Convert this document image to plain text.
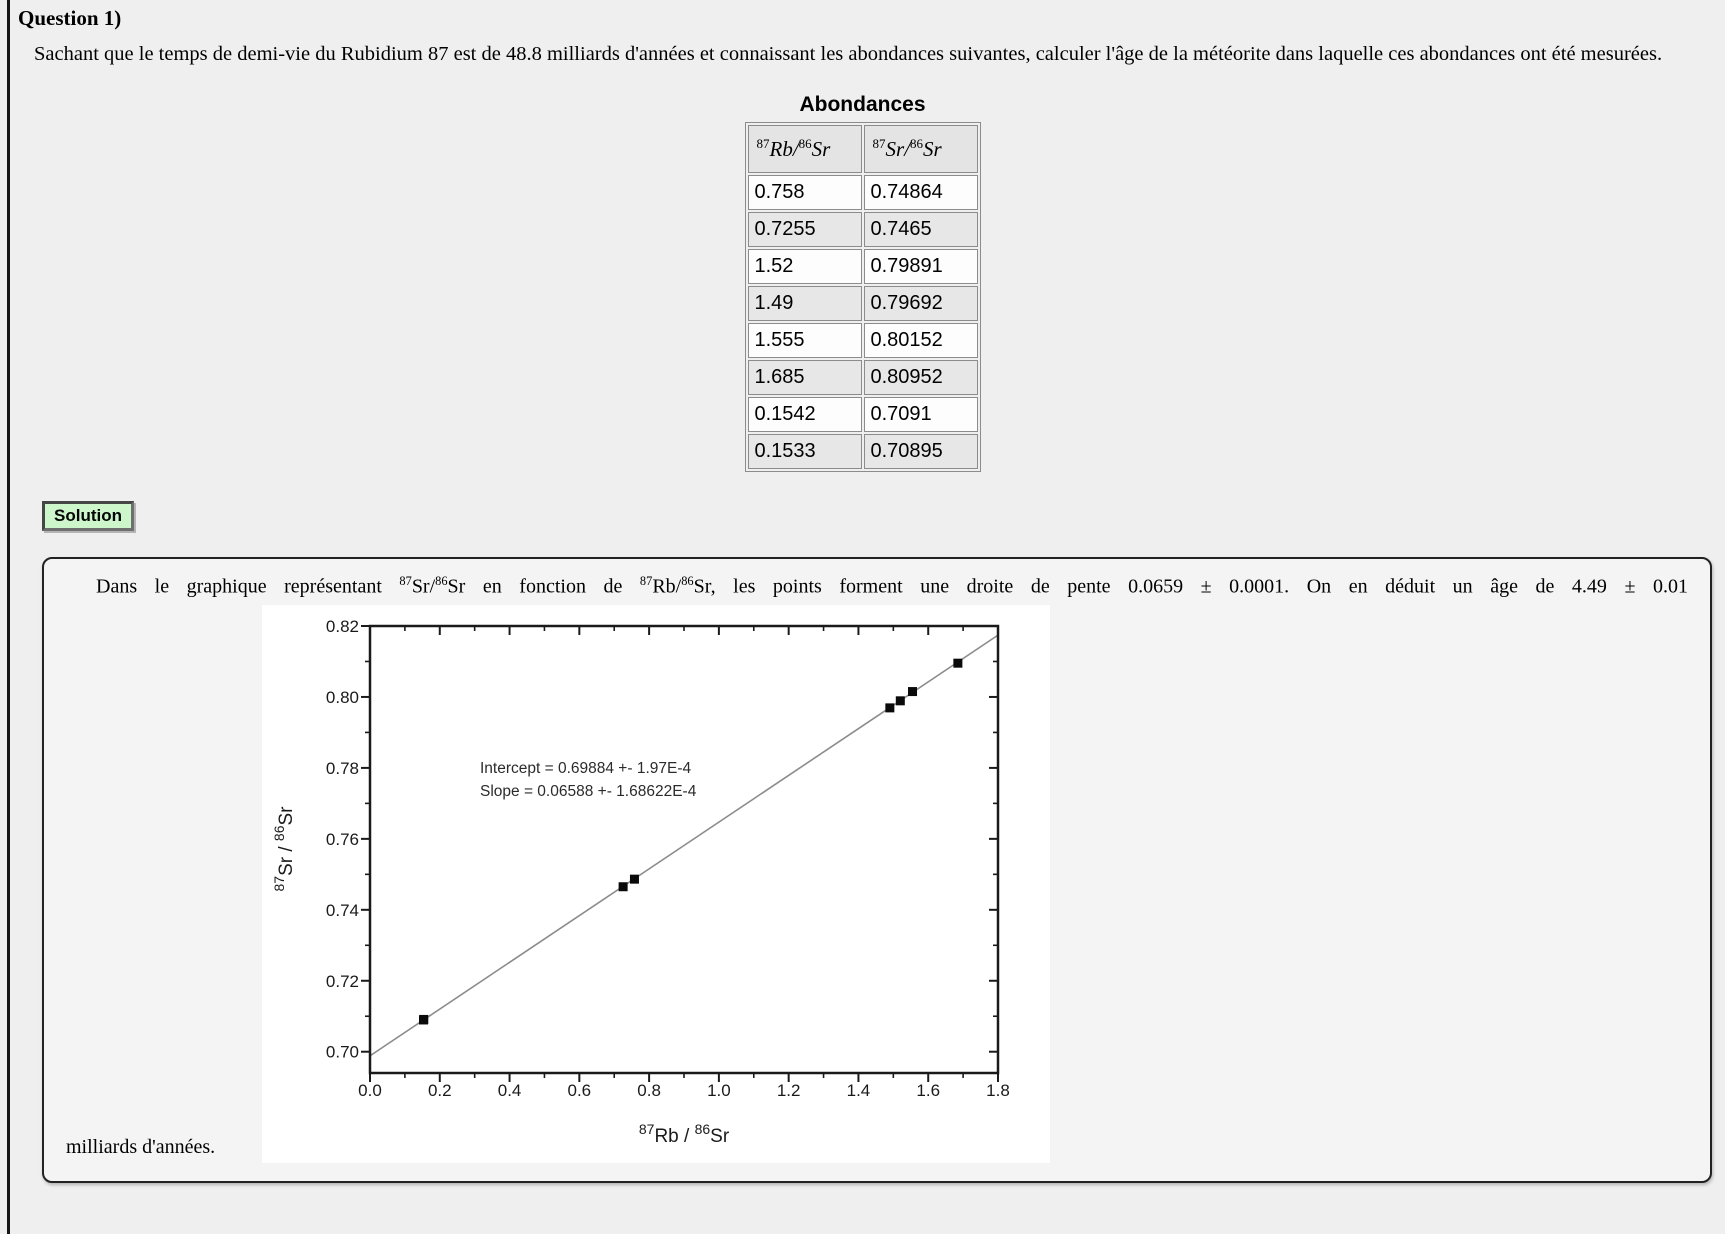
Question 1)

Sachant que le temps de demi-vie du Rubidium 87 est de 48.8 milliards d'années et connaissant les abondances suivantes, calculer l'âge de la météorite dans laquelle ces abondances ont été mesurées.

Abondances
$^{87}$Rb/$^{86}$Sr	$^{87}$Sr/$^{86}$Sr
0.758	0.74864
0.7255	0.7465
1.52	0.79891
1.49	0.79692
1.555	0.80152
1.685	0.80952
0.1542	0.7091
0.1533	0.70895
Solution
Dans le graphique représentant $^{87}$Sr/$^{86}$Sr en fonction de $^{87}$Rb/$^{86}$Sr, les points forment une droite de pente 0.0659 ± 0.0001. On en déduit un âge de 4.49 ± 0.01
milliards d'années.
0.0	0.2	0.4	0.6	0.8	1.0	1.2	1.4	1.6	1.8
0.70
0.72
0.74
0.76
0.78
0.80
0.82
Intercept = 0.69884 +- 1.97E-4
Slope = 0.06588 +- 1.68622E-4
87Rb / 86Sr
87Sr / 86Sr
